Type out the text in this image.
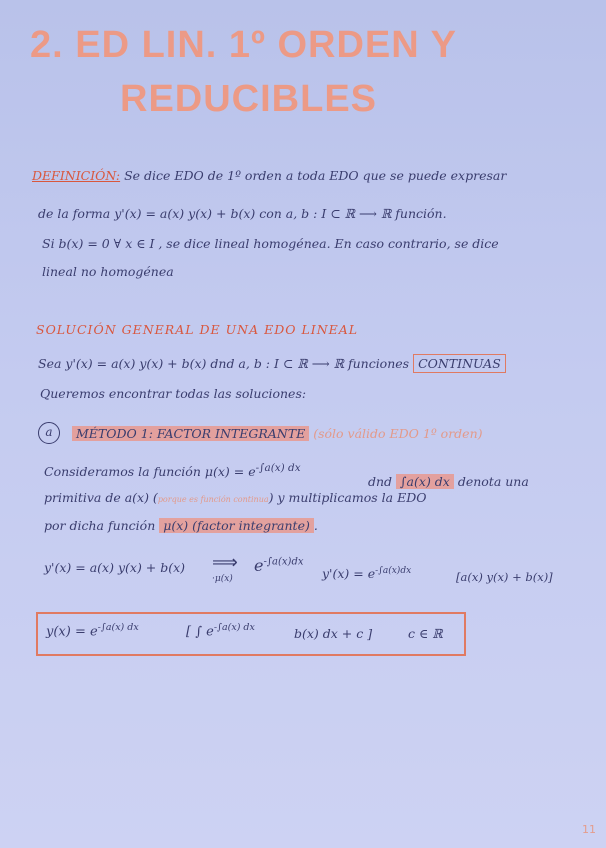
2. ED LIN. 1º ORDEN Y
REDUCIBLES
DEFINICIÓN: Se dice EDO de 1º orden a toda EDO que se puede expresar
de la forma y'(x) = a(x) y(x) + b(x) con a, b : I ⊂ ℝ ⟶ ℝ función.
Si b(x) = 0 ∀ x ∈ I , se dice lineal homogénea. En caso contrario, se dice
lineal no homogénea
SOLUCIÓN GENERAL DE UNA EDO LINEAL
Sea y'(x) = a(x) y(x) + b(x) dnd a, b : I ⊂ ℝ ⟶ ℝ funciones CONTINUAS
Queremos encontrar todas las soluciones:
a	MÉTODO 1: FACTOR INTEGRANTE (sólo válido EDO 1º orden)
Consideramos la función $\mu(x) = e^{-\int a(x) dx}$
dnd ∫a(x) dx denota una
primitiva de a(x) (porque es función continua) y multiplicamos la EDO
por dicha función μ(x) (factor integrante) .
y'(x) = a(x) y(x) + b(x) ⟹
·μ(x)
$e^{-\int a(x)dx}$
$y'(x) = e^{-\int a(x)dx}$	[a(x) y(x) + b(x)]
$y(x) = e^{-\int a(x) dx}$	[ ∫ $e^{-\int a(x) dx}$	b(x) dx + c ]	c ∈ ℝ
11
